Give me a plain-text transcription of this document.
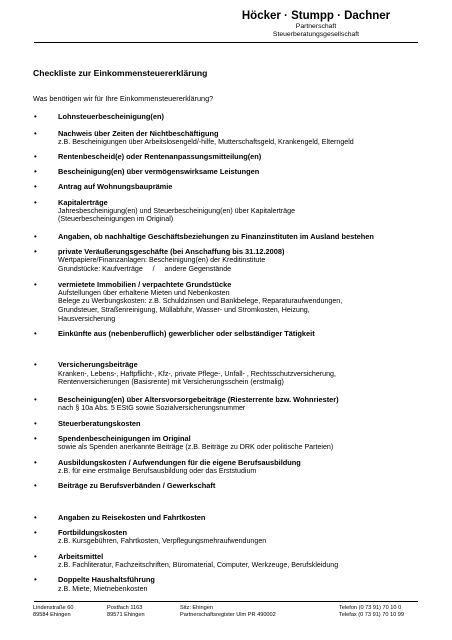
Höcker · Stumpp · Dachner
Partnerschaft
Steuerberatungsgesellschaft
Checkliste zur Einkommensteuererklärung
Was benötigen wir für Ihre Einkommensteuererklärung?
•	Lohnsteuerbescheinigung(en)
•	Nachweis über Zeiten der Nichtbeschäftigung
z.B. Bescheinigungen über Arbeitslosengeld/-hilfe, Mutterschaftsgeld, Krankengeld, Elterngeld
•	Rentenbescheid(e) oder Rentenanpassungsmitteilung(en)
•	Bescheinigung(en) über vermögenswirksame Leistungen
•	Antrag auf Wohnungsbauprämie
•	Kapitalerträge
Jahresbescheinigung(en) und Steuerbescheinigung(en) über Kapitalerträge
(Steuerbescheinigungen im Original)
•	Angaben, ob nachhaltige Geschäftsbeziehungen zu Finanzinstituten im Ausland bestehen
•	private Veräußerungsgeschäfte (bei Anschaffung bis 31.12.2008)
Wertpapiere/Finanzanlagen: Bescheinigung(en) der Kreditinstitute
Grundstücke: Kaufverträge     /     andere Gegenstände
•	vermietete Immobilien / verpachtete Grundstücke
Aufstellungen über erhaltene Mieten und Nebenkosten
Belege zu Werbungskosten: z.B. Schuldzinsen und Bankbelege, Reparaturaufwendungen,
Grundsteuer, Straßenreinigung, Müllabfuhr, Wasser- und Stromkosten, Heizung,
Hausversicherung
•	Einkünfte aus (nebenberuflich) gewerblicher oder selbständiger Tätigkeit
•	Versicherungsbeiträge
Kranken-, Lebens-, Haftpflicht-, Kfz-, private Pflege-, Unfall- , Rechtsschutzversicherung,
Rentenversicherungen (Basisrente) mit Versicherungsschein (erstmalig)
•	Bescheinigung(en) über Altersvorsorgebeiträge (Riesterrente bzw. Wohnriester)
nach § 10a Abs. 5 EStG sowie Sozialversicherungsnummer
•	Steuerberatungskosten
•	Spendenbescheinigungen im Original
sowie als Spenden anerkannte Beiträge (z.B. Beiträge zu DRK oder politische Parteien)
•	Ausbildungskosten / Aufwendungen für die eigene Berufsausbildung
z.B. für eine erstmalige Berufsausbildung oder das Erststudium
•	Beiträge zu Berufsverbänden / Gewerkschaft
•	Angaben zu Reisekosten und Fahrtkosten
•	Fortbildungskosten
z.B. Kursgebühren, Fahrtkosten, Verpflegungsmehraufwendungen
•	Arbeitsmittel
z.B. Fachliteratur, Fachzeitschriften, Büromaterial, Computer, Werkzeuge, Berufskleidung
•	Doppelte Haushaltsführung
z.B. Miete, Mietnebenkosten
Lindenstraße 60
89584 Ehingen
Postfach 1163
89571 Ehingen
Sitz: Ehingen
Partnerschaftsregister Ulm PR 490002
Telefon (0 73 91) 70 10 0
Telefax (0 73 91) 70 10 99
